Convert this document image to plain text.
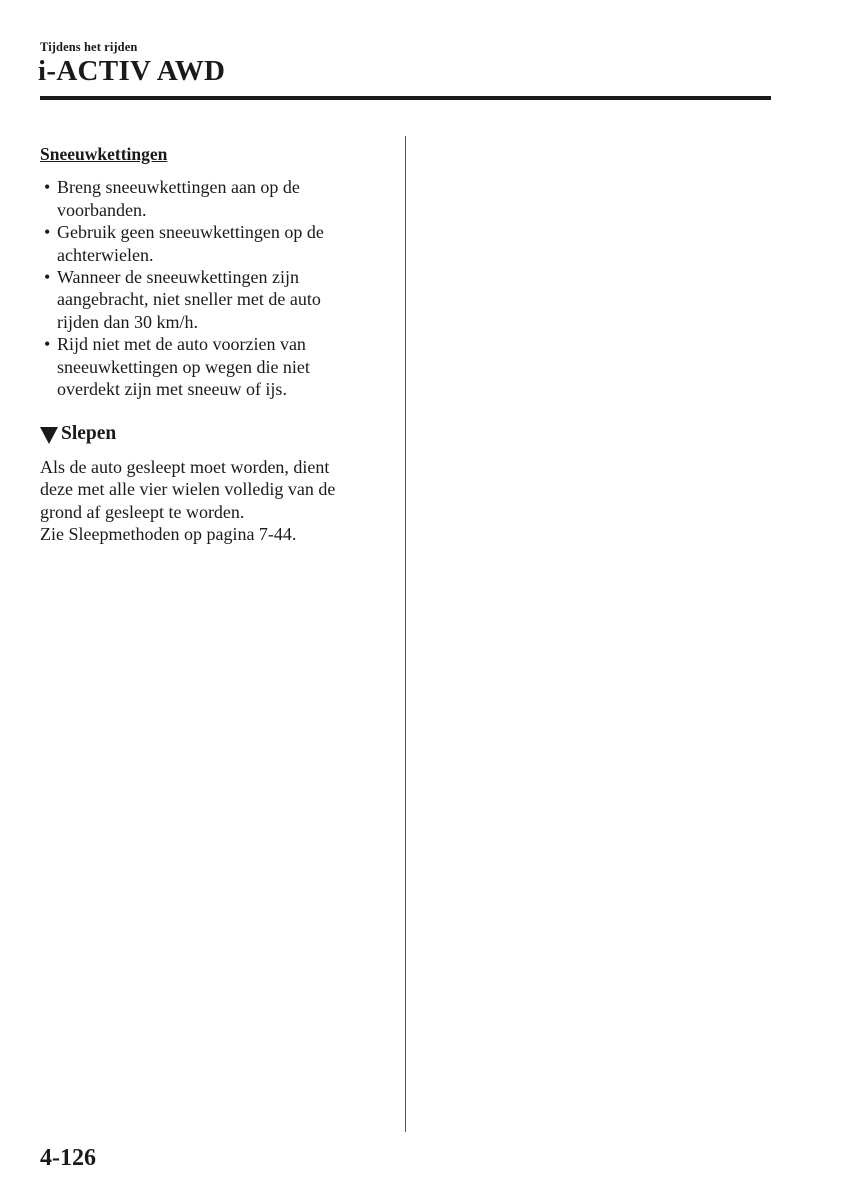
Tijdens het rijden
i-ACTIV AWD
Sneeuwkettingen
• Breng sneeuwkettingen aan op de
voorbanden.
• Gebruik geen sneeuwkettingen op de
achterwielen.
• Wanneer de sneeuwkettingen zijn
aangebracht, niet sneller met de auto
rijden dan 30 km/h.
• Rijd niet met de auto voorzien van
sneeuwkettingen op wegen die niet
overdekt zijn met sneeuw of ijs.
Slepen

Als de auto gesleept moet worden, dient

deze met alle vier wielen volledig van de

grond af gesleept te worden.

Zie Sleepmethoden op pagina 7-44.

4-126
